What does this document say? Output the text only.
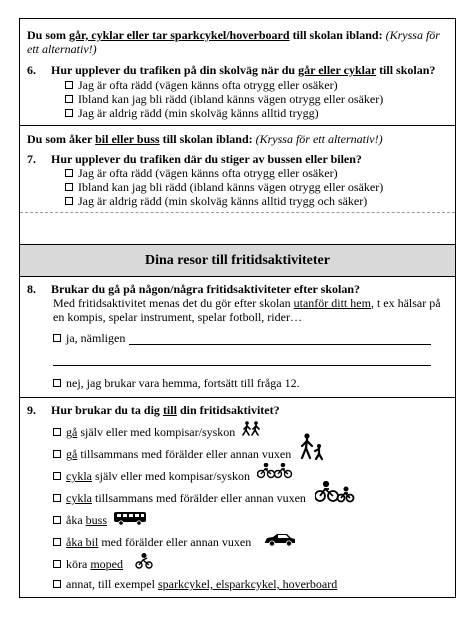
Du som går, cyklar eller tar sparkcykel/hoverboard till skolan ibland: (Kryssa för
ett alternativ!)
6. Hur upplever du trafiken på din skolväg när du går eller cyklar till skolan?
Jag är ofta rädd (vägen känns ofta otrygg eller osäker)
Ibland kan jag bli rädd (ibland känns vägen otrygg eller osäker)
Jag är aldrig rädd (min skolväg känns alltid trygg)
Du som åker bil eller buss till skolan ibland: (Kryssa för ett alternativ!)
7. Hur upplever du trafiken där du stiger av bussen eller bilen?
Jag är ofta rädd (vägen känns ofta otrygg eller osäker)
Ibland kan jag bli rädd (ibland känns vägen otrygg eller osäker)
Jag är aldrig rädd (min skolväg känns alltid trygg och säker)
Dina resor till fritidsaktiviteter
8. Brukar du gå på någon/några fritidsaktiviteter efter skolan?
Med fritidsaktivitet menas det du gör efter skolan utanför ditt hem, t ex hälsar på
en kompis, spelar instrument, spelar fotboll, rider…
ja, nämligen
nej, jag brukar vara hemma, fortsätt till fråga 12.
9. Hur brukar du ta dig till din fritidsaktivitet?
gå själv eller med kompisar/syskon
gå tillsammans med förälder eller annan vuxen
cykla själv eller med kompisar/syskon
cykla tillsammans med förälder eller annan vuxen
åka buss
åka bil med förälder eller annan vuxen
köra moped
annat, till exempel sparkcykel, elsparkcykel, hoverboard
